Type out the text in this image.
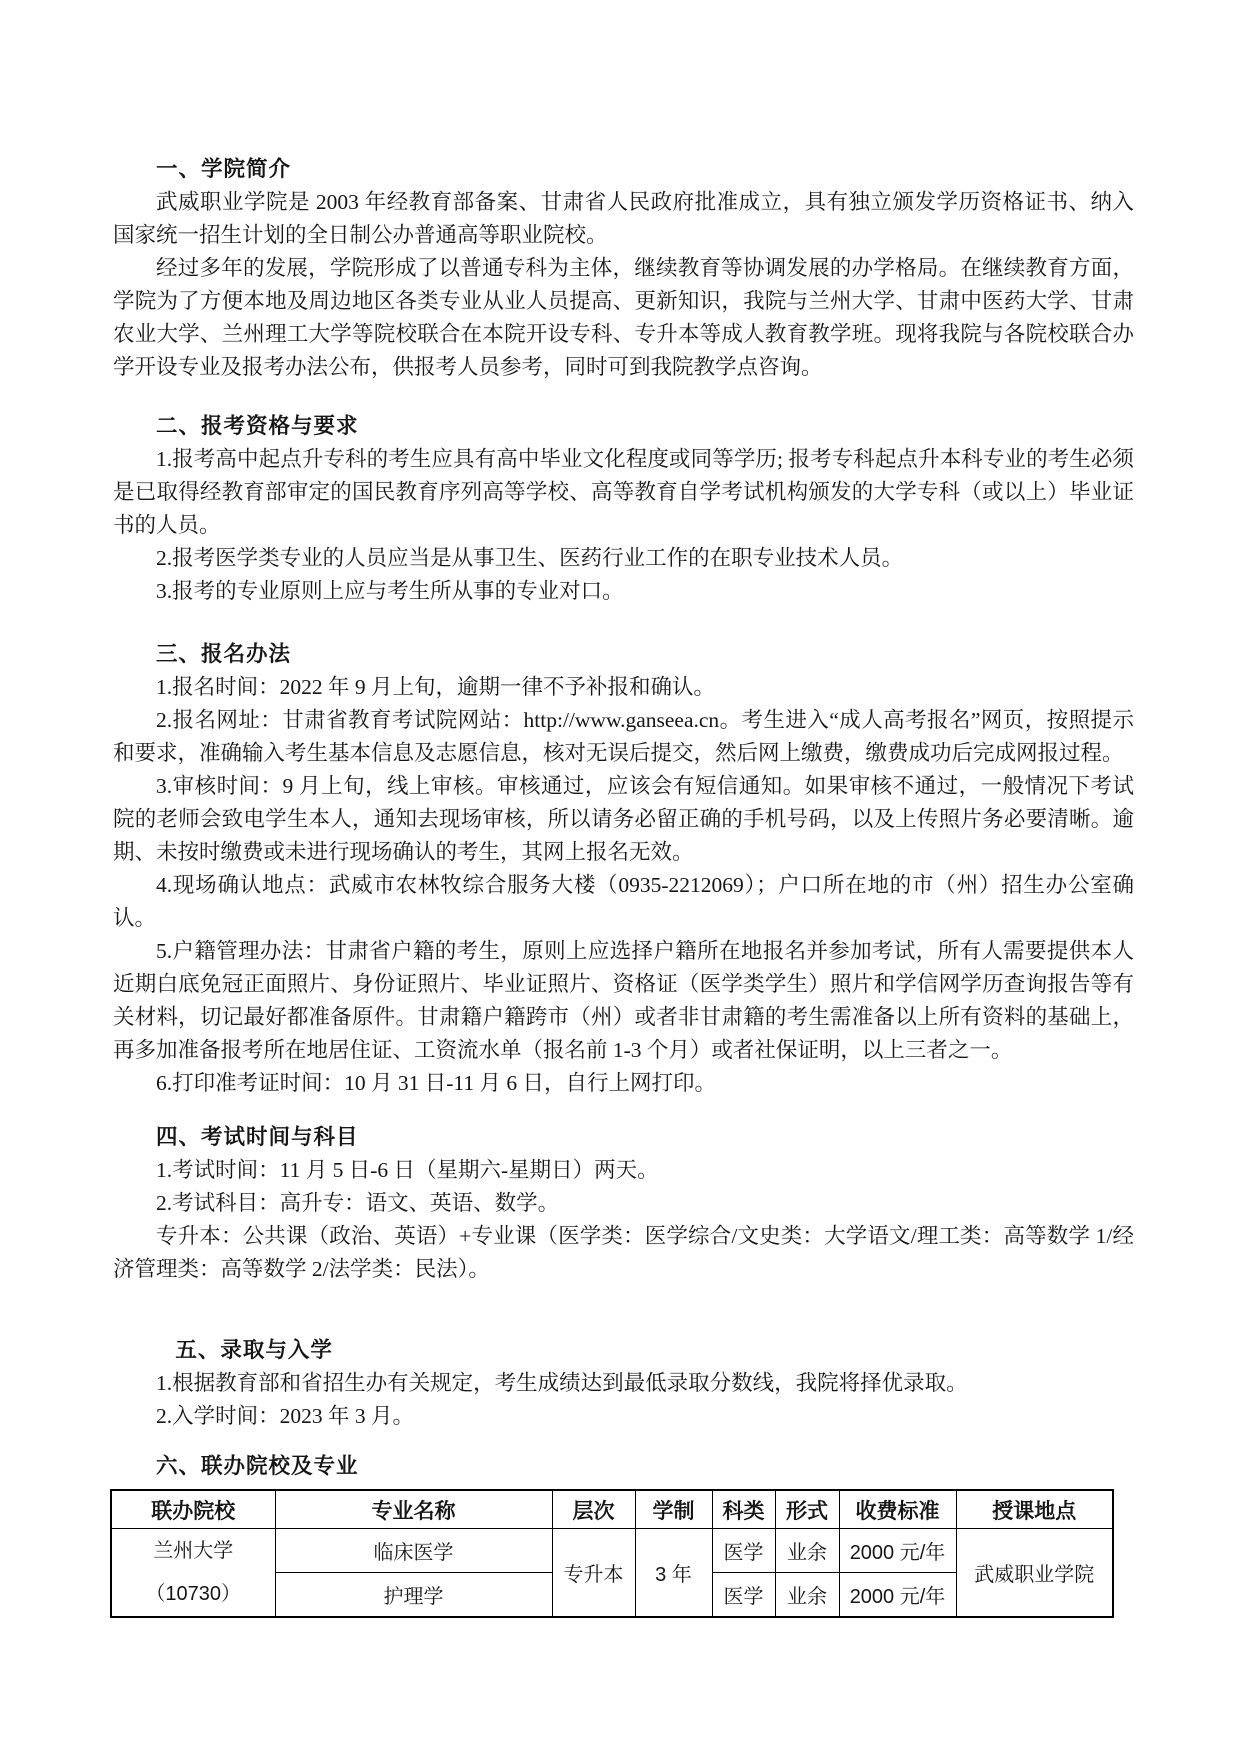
一、学院简介

武威职业学院是 2003 年经教育部备案、甘肃省人民政府批准成立，具有独立颁发学历资格证书、纳入国家统一招生计划的全日制公办普通高等职业院校。

经过多年的发展，学院形成了以普通专科为主体，继续教育等协调发展的办学格局。在继续教育方面，学院为了方便本地及周边地区各类专业从业人员提高、更新知识，我院与兰州大学、甘肃中医药大学、甘肃农业大学、兰州理工大学等院校联合在本院开设专科、专升本等成人教育教学班。现将我院与各院校联合办学开设专业及报考办法公布，供报考人员参考，同时可到我院教学点咨询。

二、报考资格与要求

1.报考高中起点升专科的考生应具有高中毕业文化程度或同等学历; 报考专科起点升本科专业的考生必须是已取得经教育部审定的国民教育序列高等学校、高等教育自学考试机构颁发的大学专科（或以上）毕业证书的人员。

2.报考医学类专业的人员应当是从事卫生、医药行业工作的在职专业技术人员。

3.报考的专业原则上应与考生所从事的专业对口。

三、报名办法

1.报名时间：2022 年 9 月上旬，逾期一律不予补报和确认。

2.报名网址：甘肃省教育考试院网站：http://www.ganseea.cn。考生进入“成人高考报名”网页，按照提示和要求，准确输入考生基本信息及志愿信息，核对无误后提交，然后网上缴费，缴费成功后完成网报过程。

3.审核时间：9 月上旬，线上审核。审核通过，应该会有短信通知。如果审核不通过，一般情况下考试院的老师会致电学生本人，通知去现场审核，所以请务必留正确的手机号码，以及上传照片务必要清晰。逾期、未按时缴费或未进行现场确认的考生，其网上报名无效。

4.现场确认地点：武威市农林牧综合服务大楼（0935-2212069）；户口所在地的市（州）招生办公室确认。

5.户籍管理办法：甘肃省户籍的考生，原则上应选择户籍所在地报名并参加考试，所有人需要提供本人近期白底免冠正面照片、身份证照片、毕业证照片、资格证（医学类学生）照片和学信网学历查询报告等有关材料，切记最好都准备原件。甘肃籍户籍跨市（州）或者非甘肃籍的考生需准备以上所有资料的基础上，再多加准备报考所在地居住证、工资流水单（报名前 1-3 个月）或者社保证明，以上三者之一。

6.打印准考证时间：10 月 31 日-11 月 6 日，自行上网打印。

四、考试时间与科目

1.考试时间：11 月 5 日-6 日（星期六-星期日）两天。

2.考试科目：高升专：语文、英语、数学。

专升本：公共课（政治、英语）+专业课（医学类：医学综合/文史类：大学语文/理工类：高等数学 1/经济管理类：高等数学 2/法学类：民法）。

五、录取与入学

1.根据教育部和省招生办有关规定，考生成绩达到最低录取分数线，我院将择优录取。

2.入学时间：2023 年 3 月。

六、联办院校及专业
联办院校	专业名称	层次	学制	科类	形式	收费标准	授课地点

兰州大学
（10730）	临床医学	专升本	3 年	医学	业余	2000 元/年	武威职业学院
	护理学			医学	业余	2000 元/年	
